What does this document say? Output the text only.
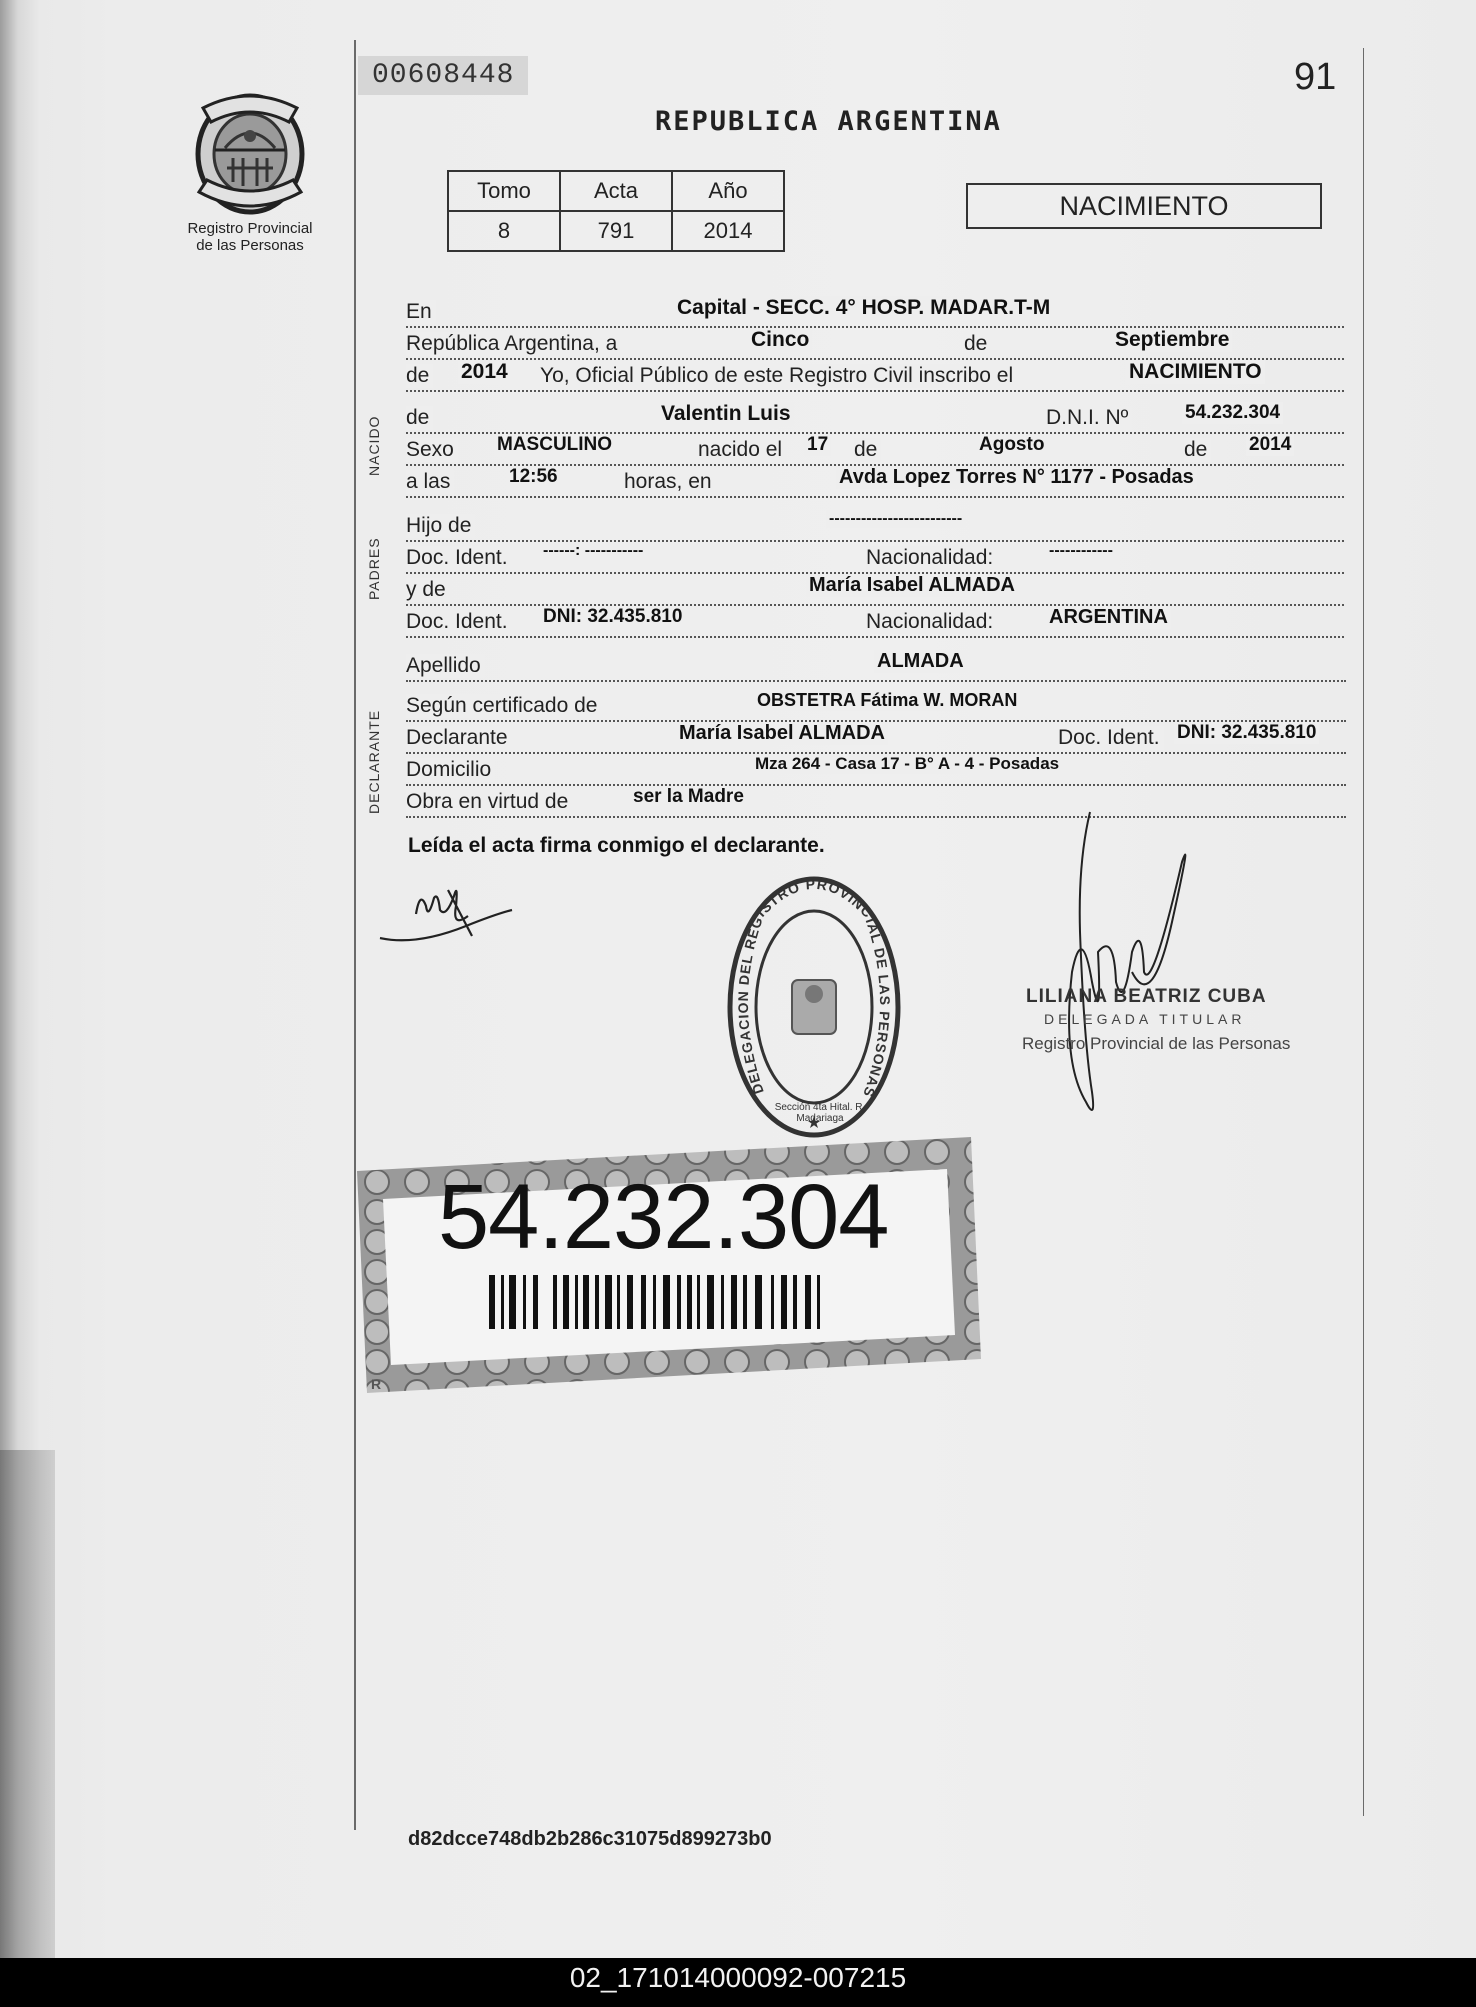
Registro Provincial
de las Personas
00608448	91
REPUBLICA ARGENTINA
Tomo	Acta	Año
8	791	2014
NACIMIENTO
En	Capital - SECC. 4° HOSP. MADAR.T-M
República Argentina, a	Cinco	de	Septiembre
de 2014 Yo, Oficial Público de este Registro Civil inscribo el	NACIMIENTO
NACIDO de	Valentin Luis	D.N.I. Nº	54.232.304
Sexo MASCULINO	nacido el 17 de	Agosto	de 2014
a las	12:56	horas, en	Avda Lopez Torres N° 1177 - Posadas
PADRES
Hijo de	-------------------------
Doc. Ident. ------: -----------	Nacionalidad:	------------
y de	María Isabel ALMADA
Doc. Ident. DNI: 32.435.810	Nacionalidad:	ARGENTINA
Apellido	ALMADA
DECLARANTE
Según certificado de	OBSTETRA Fátima W. MORAN
Declarante	María Isabel ALMADA	Doc. Ident. DNI: 32.435.810
Domicilio	Mza 264 - Casa 17 - B° A - 4 - Posadas
Obra en virtud de	ser la Madre
Leída el acta firma conmigo el declarante.
DELEGACION DEL REGISTRO PROVINCIAL DE LAS PERSONAS
Sección 4ta Hital. R. Madariaga
LILIANA BEATRIZ CUBA
DELEGADA TITULAR
Registro Provincial de las Personas
R
54.232.304
d82dcce748db2b286c31075d899273b0
02_171014000092-007215
